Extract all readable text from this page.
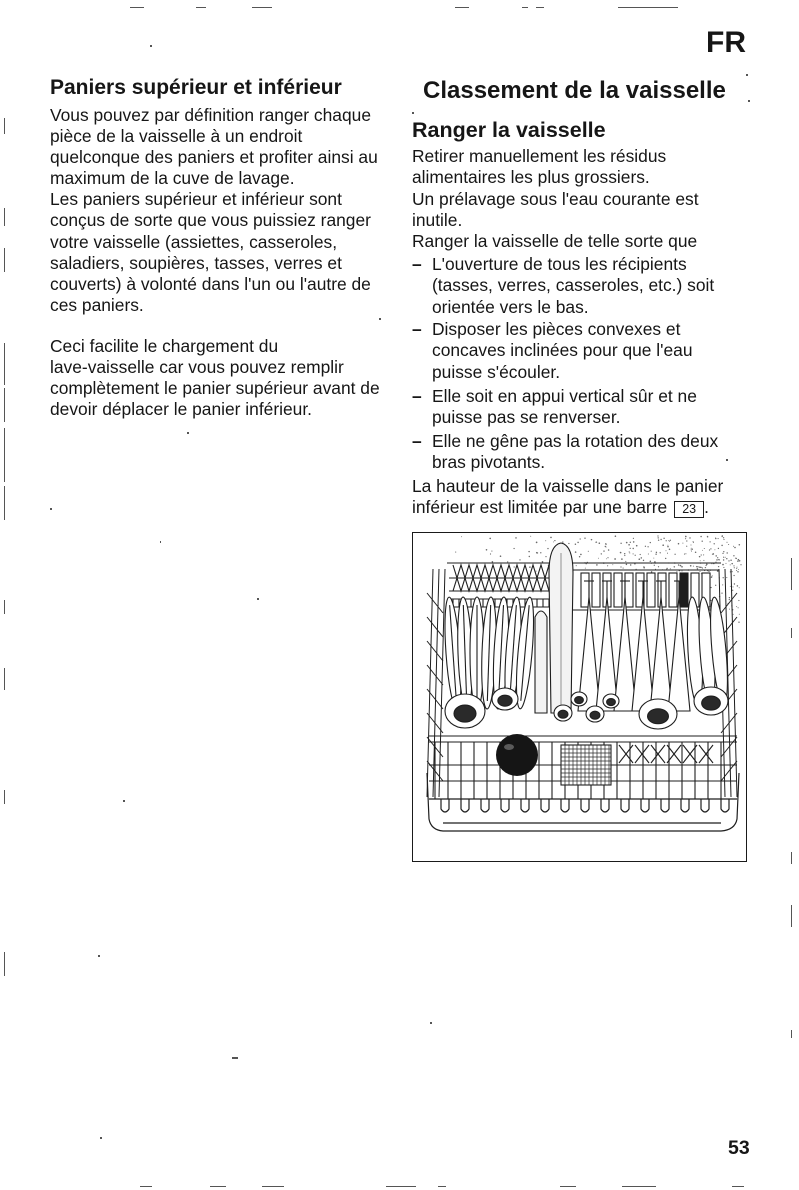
FR
Paniers supérieur et inférieur
Vous pouvez par définition ranger chaque
pièce de la vaisselle à un endroit
quelconque des paniers et profiter ainsi au
maximum de la cuve de lavage.
Les paniers supérieur et inférieur sont
conçus de sorte que vous puissiez ranger
votre vaisselle (assiettes, casseroles,
saladiers, soupières, tasses, verres et
couverts) à volonté dans l'un ou l'autre de
ces paniers.
Ceci facilite le chargement du
lave-vaisselle car vous pouvez remplir
complètement le panier supérieur avant de
devoir déplacer le panier inférieur.
Classement de la vaisselle
Ranger la vaisselle
Retirer manuellement les résidus
alimentaires les plus grossiers.
Un prélavage sous l'eau courante est
inutile.
Ranger la vaisselle de telle sorte que
– L'ouverture de tous les récipients
(tasses, verres, casseroles, etc.) soit
orientée vers le bas.
– Disposer les pièces convexes et
concaves inclinées pour que l'eau
puisse s'écouler.
– Elle soit en appui vertical sûr et ne
puisse pas se renverser.
– Elle ne gêne pas la rotation des deux
bras pivotants.
La hauteur de la vaisselle dans le panier
inférieur est limitée par une barre 23 .
53
